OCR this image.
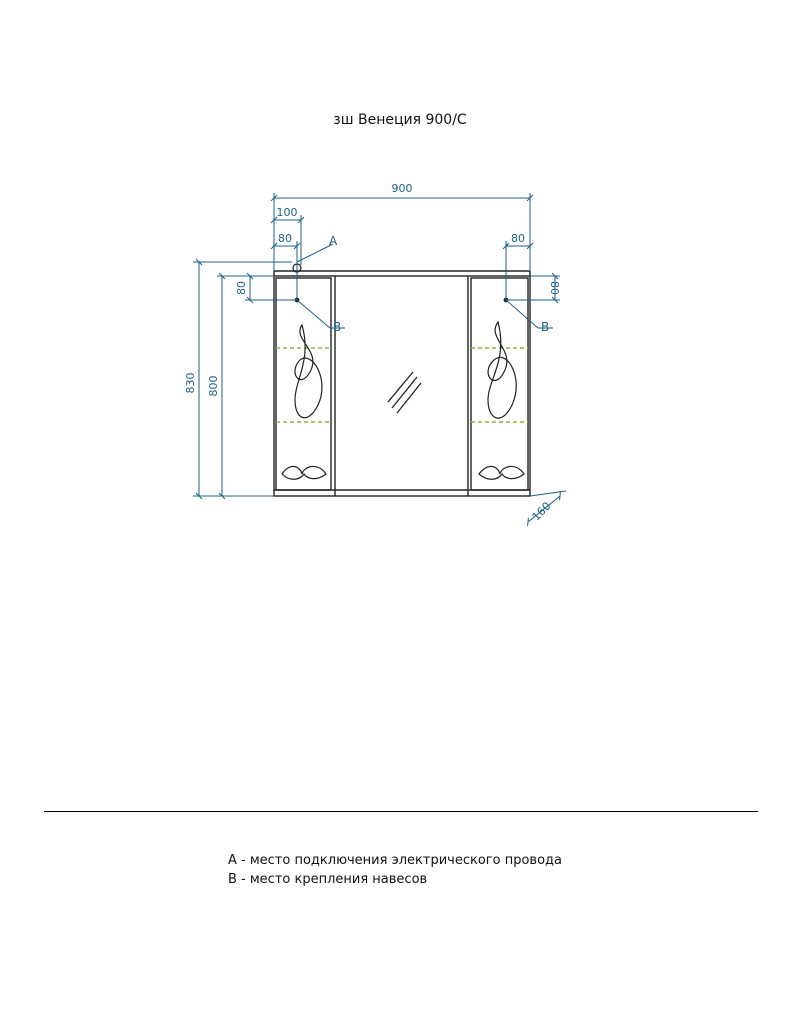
зш Венеция 900/С
900
100
80	80
830 800
80	80
160
A
B	B
А - место подключения электрического провода
В - место крепления навесов
